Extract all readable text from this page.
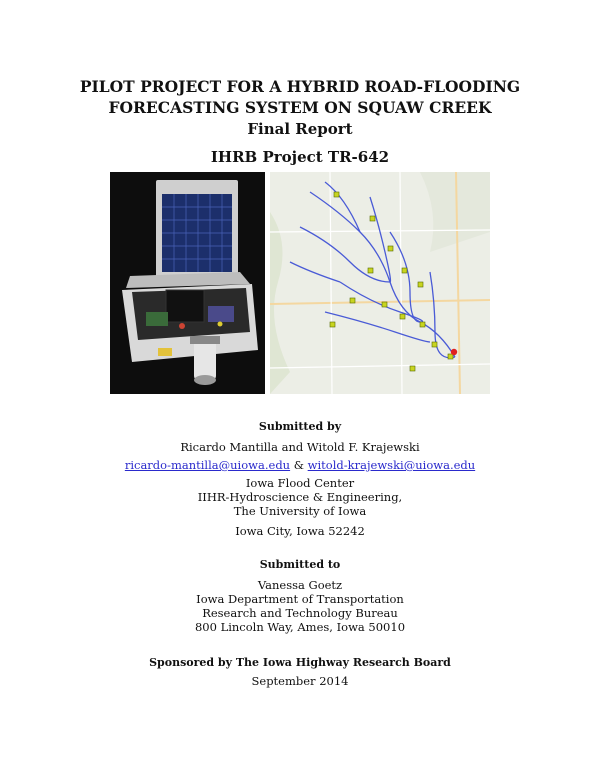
PILOT PROJECT FOR A HYBRID ROAD-FLOODING
FORECASTING SYSTEM ON SQUAW CREEK
Final Report
IHRB Project TR-642
Submitted by
Ricardo Mantilla and Witold F. Krajewski
ricardo-mantilla@uiowa.edu & witold-krajewski@uiowa.edu
Iowa Flood Center
IIHR-Hydroscience & Engineering,
The University of Iowa
Iowa City, Iowa 52242
Submitted to
Vanessa Goetz
Iowa Department of Transportation
Research and Technology Bureau
800 Lincoln Way, Ames, Iowa 50010
Sponsored by The Iowa Highway Research Board
September 2014
